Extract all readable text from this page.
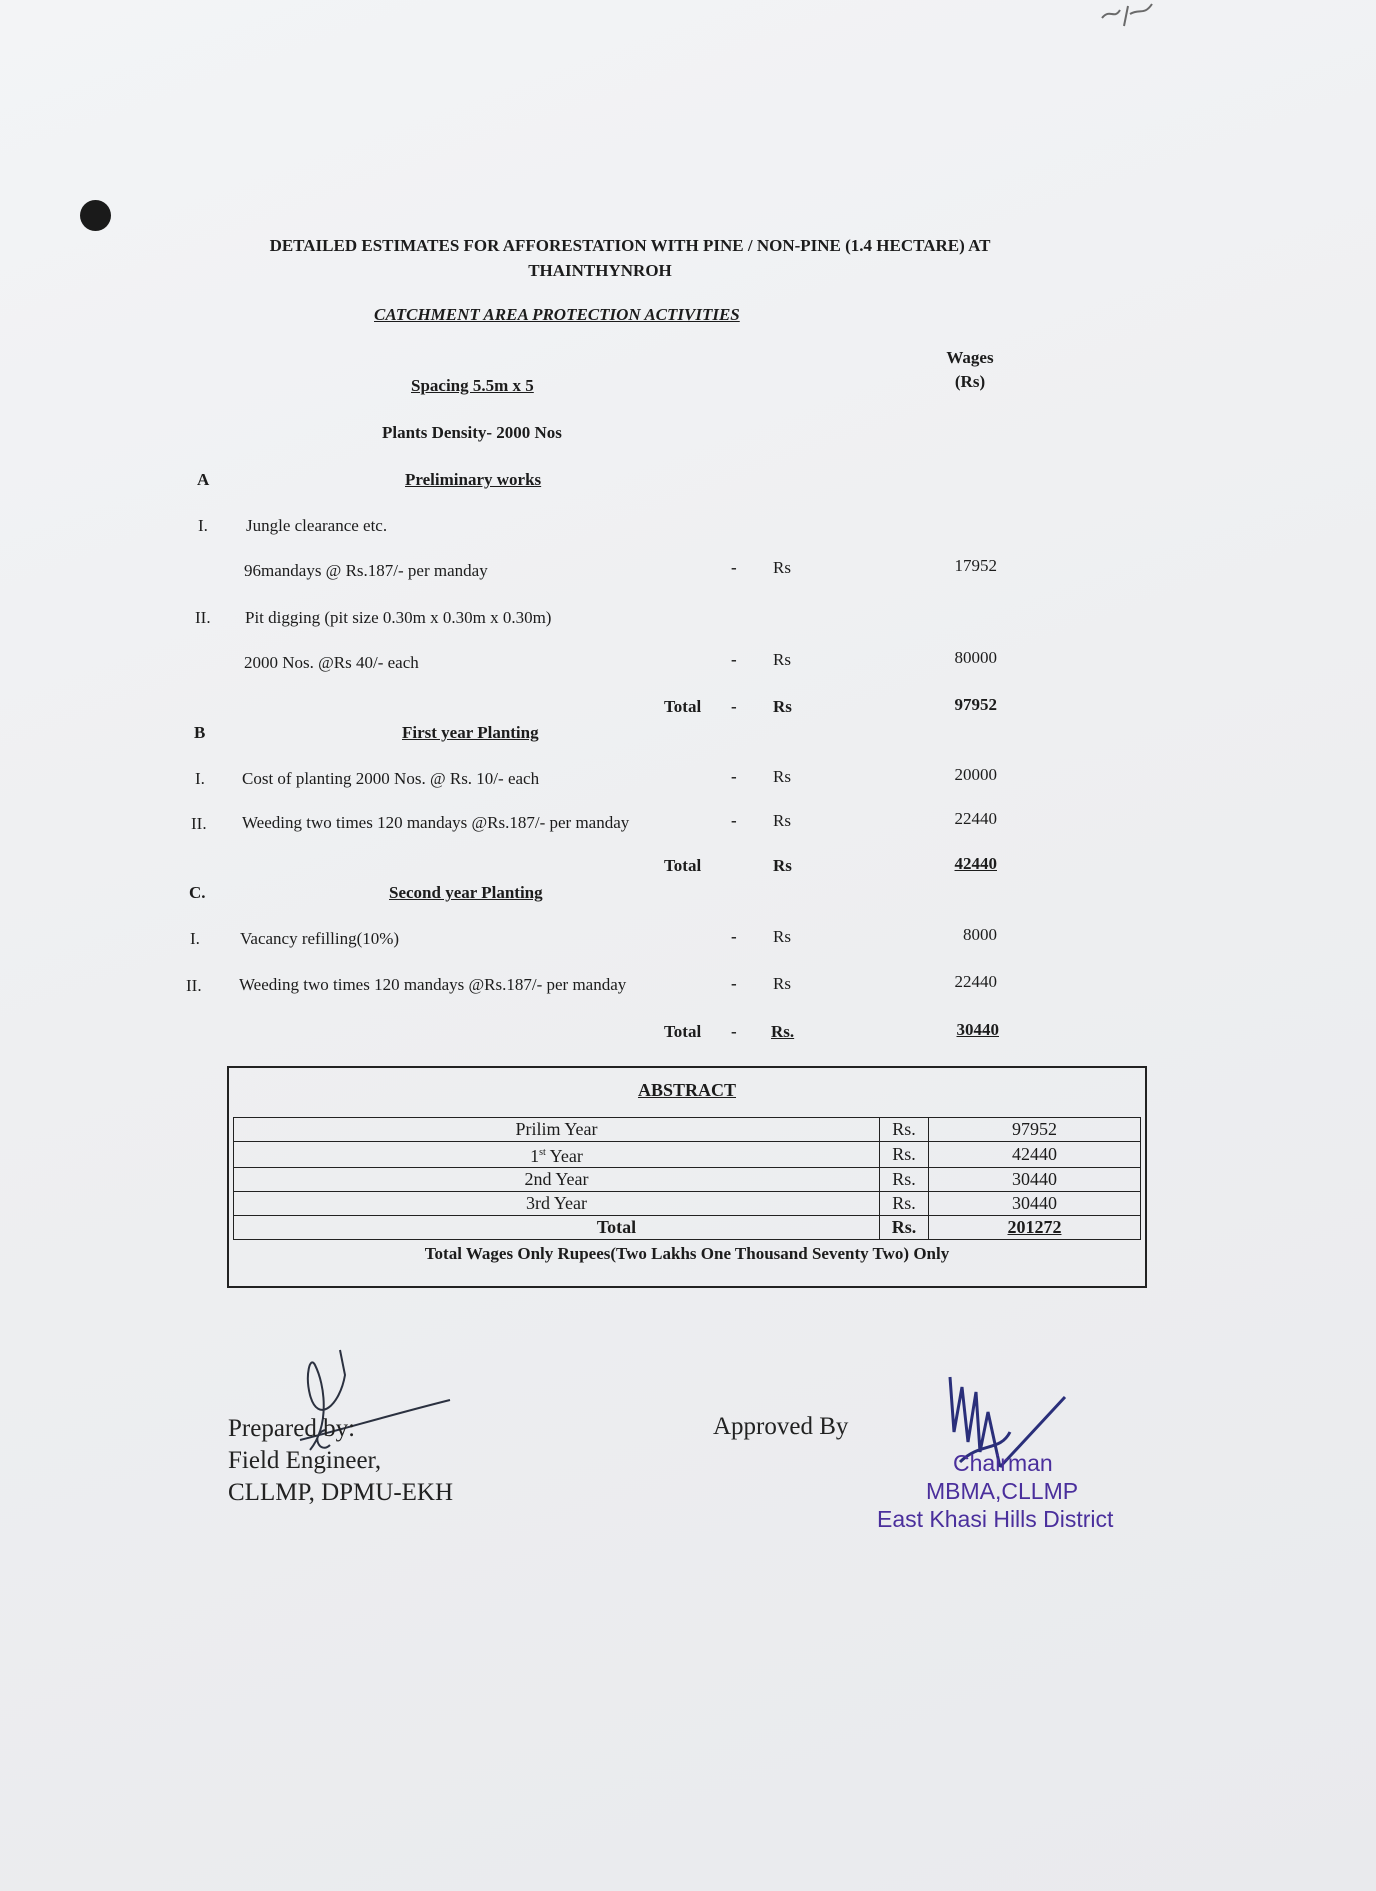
DETAILED ESTIMATES FOR AFFORESTATION WITH PINE / NON-PINE (1.4 HECTARE) AT
THAINTHYNROH
CATCHMENT AREA PROTECTION ACTIVITIES
Wages
(Rs)
Spacing 5.5m x 5
Plants Density- 2000 Nos
A	Preliminary works
I. Jungle clearance etc.
96mandays @ Rs.187/- per manday	- Rs	17952
II. Pit digging (pit size 0.30m x 0.30m x 0.30m)
2000 Nos. @Rs 40/- each	- Rs	80000
Total - Rs	97952
B	First year Planting
I. Cost of planting 2000 Nos. @ Rs. 10/- each	- Rs	20000
II. Weeding two times 120 mandays @Rs.187/- per manday	- Rs	22440
Total	Rs	42440
C.	Second year Planting
I. Vacancy refilling(10%)	- Rs	8000
II. Weeding two times 120 mandays @Rs.187/- per manday	- Rs	22440
Total - Rs.	30440
ABSTRACT
Prilim Year	Rs.	97952
1st Year	Rs.	42440
2nd Year	Rs.	30440
3rd Year	Rs.	30440
Total	Rs.	201272
Total Wages Only Rupees(Two Lakhs One Thousand Seventy Two) Only
Prepared by:
Field Engineer,
CLLMP, DPMU-EKH
Approved By
Chairman
MBMA,CLLMP
East Khasi Hills District
